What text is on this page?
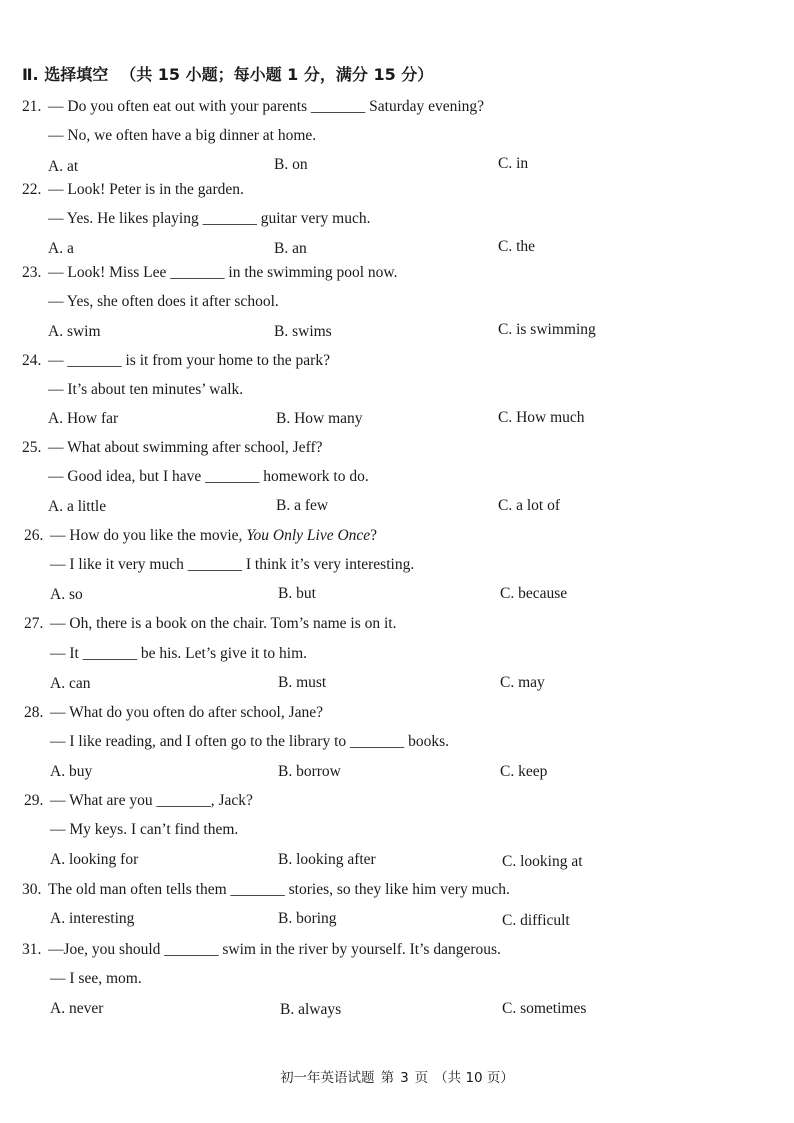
Ⅱ. 选择填空 （共 15 小题；每小题 1 分，满分 15 分）
21. — Do you often eat out with your parents _______ Saturday evening?
— No, we often have a big dinner at home.
A. at	B. on	C. in
22. — Look! Peter is in the garden.
— Yes. He likes playing _______ guitar very much.
A. a	B. an	C. the
23. — Look! Miss Lee _______ in the swimming pool now.
— Yes, she often does it after school.
A. swim	B. swims	C. is swimming
24. — _______ is it from your home to the park?
— It’s about ten minutes’ walk.
A. How far	B. How many	C. How much
25. — What about swimming after school, Jeff?
— Good idea, but I have _______ homework to do.
A. a little	B. a few	C. a lot of
26. — How do you like the movie, You Only Live Once?
— I like it very much _______ I think it’s very interesting.
A. so	B. but	C. because
27. — Oh, there is a book on the chair. Tom’s name is on it.
— It _______ be his. Let’s give it to him.
A. can	B. must	C. may
28. — What do you often do after school, Jane?
— I like reading, and I often go to the library to _______ books.
A. buy	B. borrow	C. keep
29. — What are you _______, Jack?
— My keys. I can’t find them.
A. looking for	B. looking after	C. looking at
30. The old man often tells them _______ stories, so they like him very much.
A. interesting	B. boring	C. difficult
31. —Joe, you should _______ swim in the river by yourself. It’s dangerous.
— I see, mom.
A. never	B. always	C. sometimes
初一年英语试题 第 3 页 （共 10 页）
